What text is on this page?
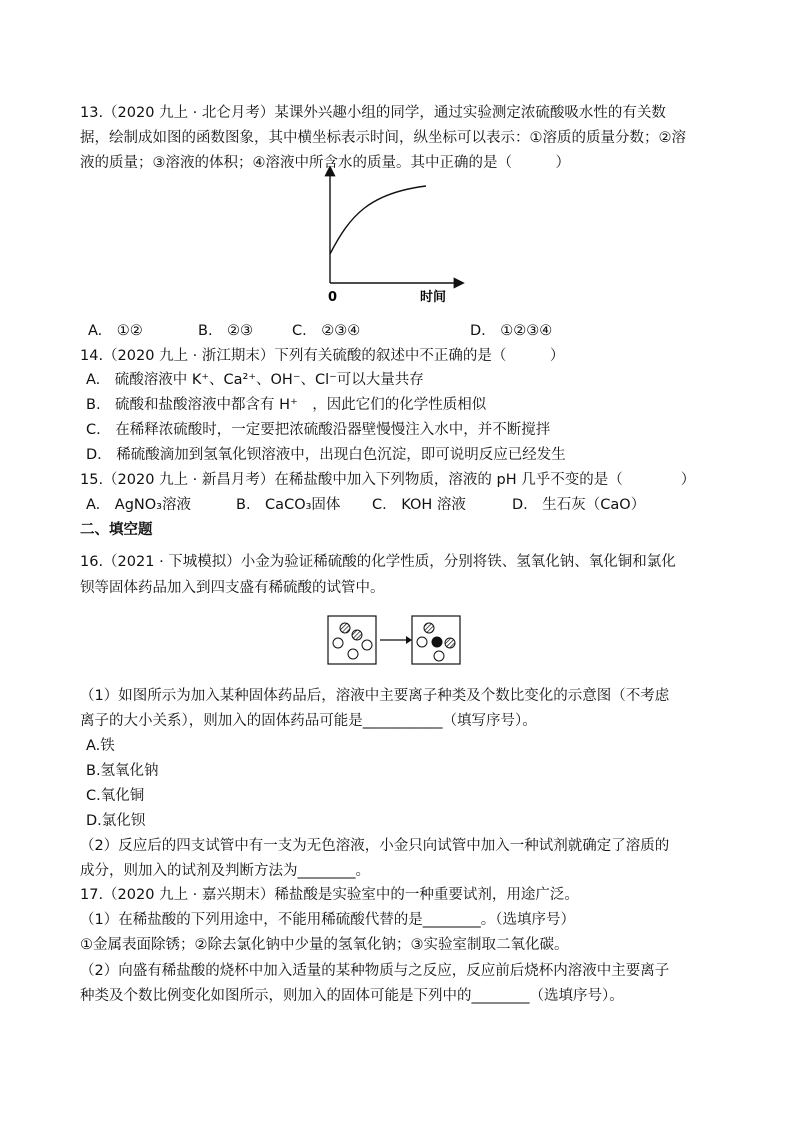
13.（2020 九上 · 北仑月考）某课外兴趣小组的同学，通过实验测定浓硫酸吸水性的有关数
据，绘制成如图的函数图象，其中横坐标表示时间，纵坐标可以表示：①溶质的质量分数；②溶
液的质量；③溶液的体积；④溶液中所含水的质量。其中正确的是（　　　）
0	时间
A.　①②	B.　②③	C.　②③④	D.　①②③④
14.（2020 九上 · 浙江期末）下列有关硫酸的叙述中不正确的是（　　　）
A.　硫酸溶液中 K⁺、Ca²⁺、OH⁻、Cl⁻可以大量共存
B.　硫酸和盐酸溶液中都含有 H⁺　，因此它们的化学性质相似
C.　在稀释浓硫酸时，一定要把浓硫酸沿器壁慢慢注入水中，并不断搅拌
D.　稀硫酸滴加到氢氧化钡溶液中，出现白色沉淀，即可说明反应已经发生
15.（2020 九上 · 新昌月考）在稀盐酸中加入下列物质，溶液的 pH 几乎不变的是（　　　　）
A.　AgNO₃溶液	B.　CaCO₃固体 C.　KOH 溶液	D.　生石灰（CaO）
二、填空题
16.（2021 · 下城模拟）小金为验证稀硫酸的化学性质，分别将铁、氢氧化钠、氧化铜和氯化
钡等固体药品加入到四支盛有稀硫酸的试管中。
（1）如图所示为加入某种固体药品后，溶液中主要离子种类及个数比变化的示意图（不考虑
离子的大小关系），则加入的固体药品可能是___________（填写序号）。
A.铁
B.氢氧化钠
C.氧化铜
D.氯化钡
（2）反应后的四支试管中有一支为无色溶液，小金只向试管中加入一种试剂就确定了溶质的
成分，则加入的试剂及判断方法为________。
17.（2020 九上 · 嘉兴期末）稀盐酸是实验室中的一种重要试剂，用途广泛。
（1）在稀盐酸的下列用途中，不能用稀硫酸代替的是________。（选填序号）
①金属表面除锈；②除去氯化钠中少量的氢氧化钠；③实验室制取二氧化碳。
（2）向盛有稀盐酸的烧杯中加入适量的某种物质与之反应，反应前后烧杯内溶液中主要离子
种类及个数比例变化如图所示，则加入的固体可能是下列中的________（选填序号）。
